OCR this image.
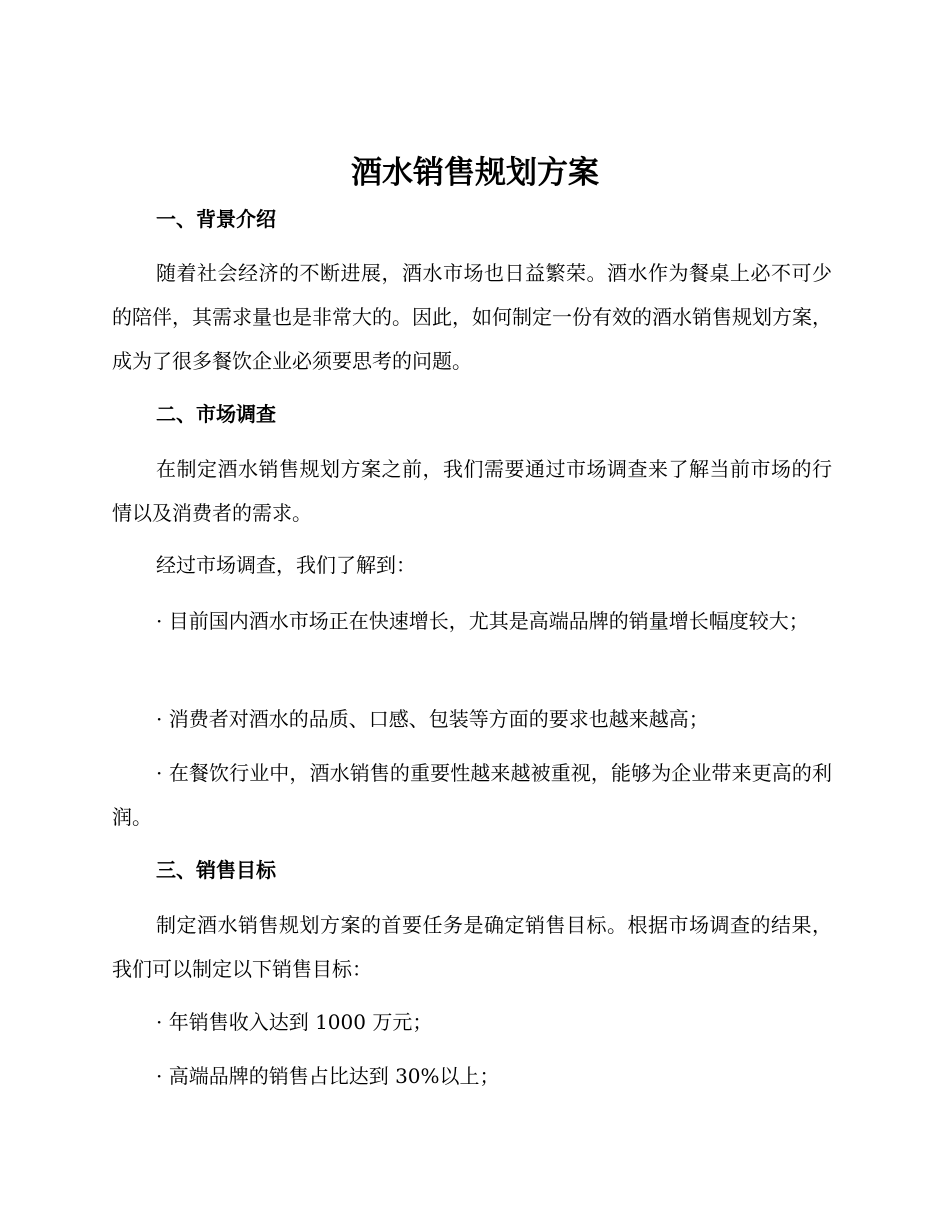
酒水销售规划方案
一、背景介绍

随着社会经济的不断进展，酒水市场也日益繁荣。酒水作为餐桌上必不可少的陪伴，其需求量也是非常大的。因此，如何制定一份有效的酒水销售规划方案，成为了很多餐饮企业必须要思考的问题。

二、市场调查

在制定酒水销售规划方案之前，我们需要通过市场调查来了解当前市场的行情以及消费者的需求。

经过市场调查，我们了解到：

· 目前国内酒水市场正在快速增长，尤其是高端品牌的销量增长幅度较大；

· 消费者对酒水的品质、口感、包装等方面的要求也越来越高；

· 在餐饮行业中，酒水销售的重要性越来越被重视，能够为企业带来更高的利润。

三、销售目标

制定酒水销售规划方案的首要任务是确定销售目标。根据市场调查的结果，我们可以制定以下销售目标：

· 年销售收入达到 1000 万元；

· 高端品牌的销售占比达到 30%以上；
